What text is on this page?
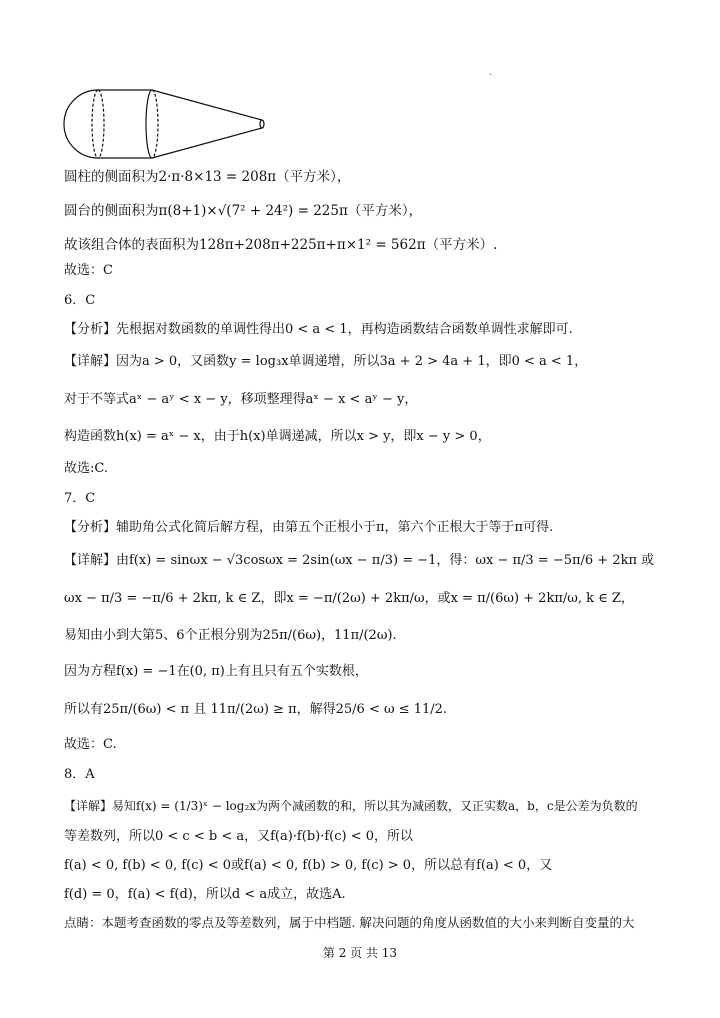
·
圆柱的侧面积为2·π·8×13 = 208π（平方米），
圆台的侧面积为π(8+1)×√(7² + 24²) = 225π（平方米），
故该组合体的表面积为128π+208π+225π+π×1² = 562π（平方米）.
故选：C
6．C
【分析】先根据对数函数的单调性得出0 < a < 1，再构造函数结合函数单调性求解即可.
【详解】因为a > 0，又函数y = log₃x单调递增，所以3a + 2 > 4a + 1，即0 < a < 1，
对于不等式aˣ − aʸ < x − y，移项整理得aˣ − x < aʸ − y，
构造函数h(x) = aˣ − x，由于h(x)单调递减，所以x > y，即x − y > 0，
故选:C.
7．C
【分析】辅助角公式化简后解方程，由第五个正根小于π，第六个正根大于等于π可得.
【详解】由f(x) = sinωx − √3cosωx = 2sin(ωx − π/3) = −1，得：ωx − π/3 = −5π/6 + 2kπ 或
ωx − π/3 = −π/6 + 2kπ, k ∈ Z，即x = −π/(2ω) + 2kπ/ω，或x = π/(6ω) + 2kπ/ω, k ∈ Z，
易知由小到大第5、6个正根分别为25π/(6ω)，11π/(2ω).
因为方程f(x) = −1在(0, π)上有且只有五个实数根，
所以有25π/(6ω) < π 且 11π/(2ω) ≥ π，解得25/6 < ω ≤ 11/2.
故选：C.
8．A
【详解】易知f(x) = (1/3)ˣ − log₂x为两个减函数的和，所以其为减函数，又正实数a，b，c是公差为负数的
等差数列，所以0 < c < b < a，又f(a)·f(b)·f(c) < 0，所以
f(a) < 0, f(b) < 0, f(c) < 0或f(a) < 0, f(b) > 0, f(c) > 0，所以总有f(a) < 0，又
f(d) = 0，f(a) < f(d)，所以d < a成立，故选A.
点睛：本题考查函数的零点及等差数列，属于中档题. 解决问题的角度从函数值的大小来判断自变量的大
第 2 页 共 13
